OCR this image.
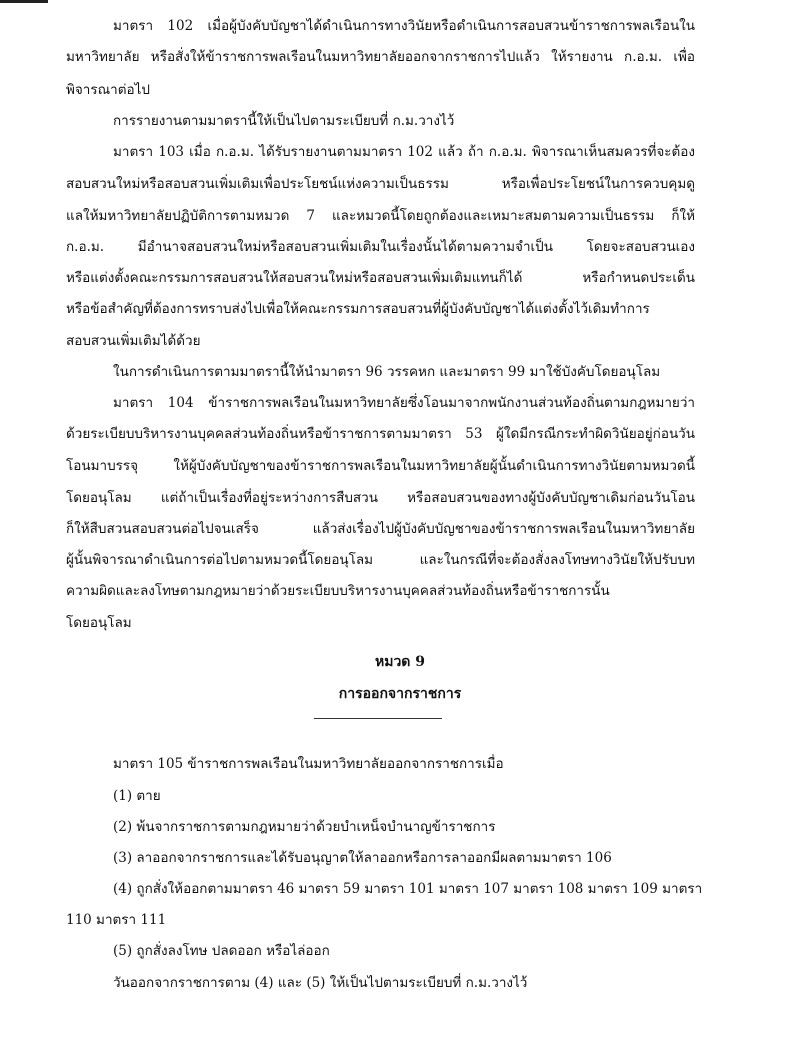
มาตรา 102 เมื่อผู้บังคับบัญชาได้ดำเนินการทางวินัยหรือดำเนินการสอบสวนข้าราชการพลเรือนใน
มหาวิทยาลัย หรือสั่งให้ข้าราชการพลเรือนในมหาวิทยาลัยออกจากราชการไปแล้ว ให้รายงาน ก.อ.ม. เพื่อ
พิจารณาต่อไป
การรายงานตามมาตรานี้ให้เป็นไปตามระเบียบที่ ก.ม.วางไว้
มาตรา 103 เมื่อ ก.อ.ม. ได้รับรายงานตามมาตรา 102 แล้ว ถ้า ก.อ.ม. พิจารณาเห็นสมควรที่จะต้อง
สอบสวนใหม่หรือสอบสวนเพิ่มเติมเพื่อประโยชน์แห่งความเป็นธรรม หรือเพื่อประโยชน์ในการควบคุมดู
แลให้มหาวิทยาลัยปฏิบัติการตามหมวด 7 และหมวดนี้โดยถูกต้องและเหมาะสมตามความเป็นธรรม ก็ให้
ก.อ.ม. มีอำนาจสอบสวนใหม่หรือสอบสวนเพิ่มเติมในเรื่องนั้นได้ตามความจำเป็น โดยจะสอบสวนเอง
หรือแต่งตั้งคณะกรรมการสอบสวนให้สอบสวนใหม่หรือสอบสวนเพิ่มเติมแทนก็ได้ หรือกำหนดประเด็น
หรือข้อสำคัญที่ต้องการทราบส่งไปเพื่อให้คณะกรรมการสอบสวนที่ผู้บังคับบัญชาได้แต่งตั้งไว้เดิมทำการ
สอบสวนเพิ่มเติมได้ด้วย
ในการดำเนินการตามมาตรานี้ให้นำมาตรา 96 วรรคหก และมาตรา 99 มาใช้บังคับโดยอนุโลม
มาตรา 104 ข้าราชการพลเรือนในมหาวิทยาลัยซึ่งโอนมาจากพนักงานส่วนท้องถิ่นตามกฎหมายว่า
ด้วยระเบียบบริหารงานบุคคลส่วนท้องถิ่นหรือข้าราชการตามมาตรา 53 ผู้ใดมีกรณีกระทำผิดวินัยอยู่ก่อนวัน
โอนมาบรรจุ ให้ผู้บังคับบัญชาของข้าราชการพลเรือนในมหาวิทยาลัยผู้นั้นดำเนินการทางวินัยตามหมวดนี้
โดยอนุโลม แต่ถ้าเป็นเรื่องที่อยู่ระหว่างการสืบสวน หรือสอบสวนของทางผู้บังคับบัญชาเดิมก่อนวันโอน
ก็ให้สืบสวนสอบสวนต่อไปจนเสร็จ แล้วส่งเรื่องไปผู้บังคับบัญชาของข้าราชการพลเรือนในมหาวิทยาลัย
ผู้นั้นพิจารณาดำเนินการต่อไปตามหมวดนี้โดยอนุโลม และในกรณีที่จะต้องสั่งลงโทษทางวินัยให้ปรับบท
ความผิดและลงโทษตามกฎหมายว่าด้วยระเบียบบริหารงานบุคคลส่วนท้องถิ่นหรือข้าราชการนั้น
โดยอนุโลม
หมวด 9
การออกจากราชการ
มาตรา 105 ข้าราชการพลเรือนในมหาวิทยาลัยออกจากราชการเมื่อ
(1) ตาย
(2) พ้นจากราชการตามกฎหมายว่าด้วยบำเหน็จบำนาญข้าราชการ
(3) ลาออกจากราชการและได้รับอนุญาตให้ลาออกหรือการลาออกมีผลตามมาตรา 106
(4) ถูกสั่งให้ออกตามมาตรา 46 มาตรา 59 มาตรา 101 มาตรา 107 มาตรา 108 มาตรา 109 มาตรา
110 มาตรา 111
(5) ถูกสั่งลงโทษ ปลดออก หรือไล่ออก
วันออกจากราชการตาม (4) และ (5) ให้เป็นไปตามระเบียบที่ ก.ม.วางไว้
